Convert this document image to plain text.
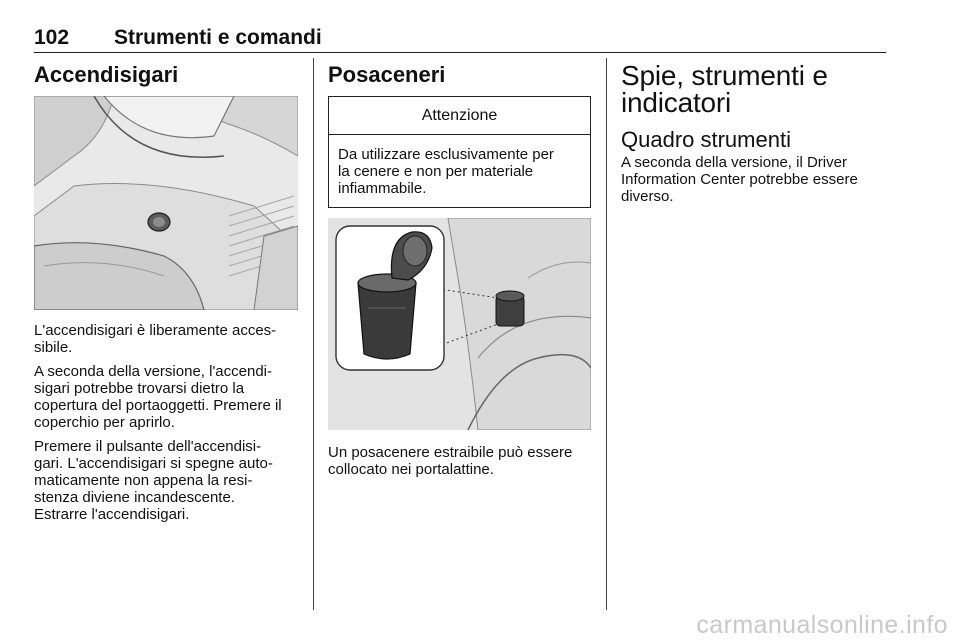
102 Strumenti e comandi
Accendisigari

L'accendisigari è liberamente acces-
sibile.

A seconda della versione, l'accendi-
sigari potrebbe trovarsi dietro la
copertura del portaoggetti. Premere il
coperchio per aprirlo.

Premere il pulsante dell'accendisi-
gari. L'accendisigari si spegne auto-
maticamente non appena la resi-
stenza diviene incandescente.
Estrarre l'accendisigari.

Posaceneri
Attenzione
Da utilizzare esclusivamente per
la cenere e non per materiale
infiammabile.

Un posacenere estraibile può essere
collocato nei portalattine.

Spie, strumenti e
indicatori
Quadro strumenti

A seconda della versione, il Driver
Information Center potrebbe essere
diverso.

carmanualsonline.info
